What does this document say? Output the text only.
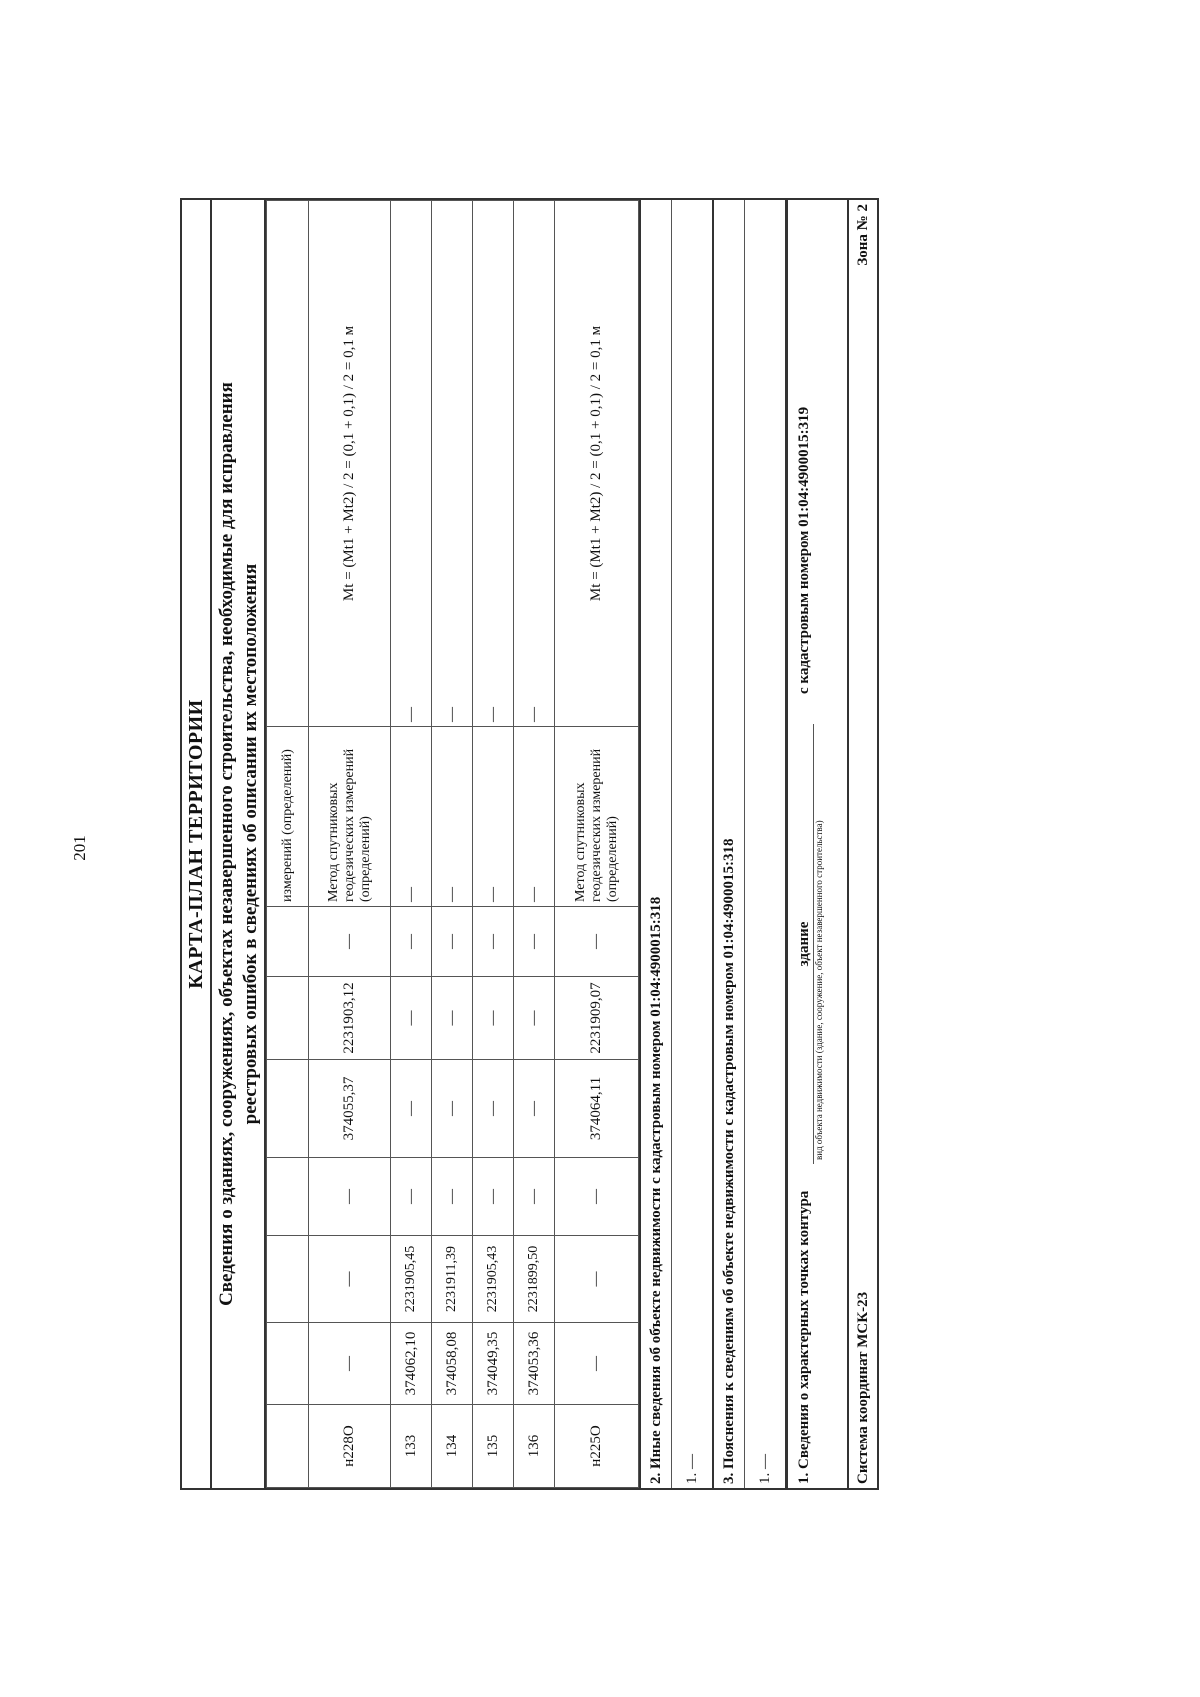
201	КАРТА-ПЛАН ТЕРРИТОРИИ Сведения о зданиях, сооружениях, объектах незавершенного строительства, необходимые для исправления реестровых ошибок в сведениях об описании их местоположения
							измерений (определений)	
н228О	—	—	—	374055,37	2231903,12	—	Метод спутниковых геодезических измерений (определений)	Mt = (Mt1 + Mt2) / 2 = (0,1 + 0,1) / 2 = 0,1 м
133	374062,10	2231905,45	—	—	—	—	—	—
134	374058,08	2231911,39	—	—	—	—	—	—
135	374049,35	2231905,43	—	—	—	—	—	—
136	374053,36	2231899,50	—	—	—	—	—	—
н225О	—	—	—	374064,11	2231909,07	—	Метод спутниковых геодезических измерений (определений)	Mt = (Mt1 + Mt2) / 2 = (0,1 + 0,1) / 2 = 0,1 м
2. Иные сведения об объекте недвижимости с кадастровым номером 01:04:4900015:318	1. —	3. Пояснения к сведениям об объекте недвижимости с кадастровым номером 01:04:4900015:318	1. —	1. Сведения о характерных точках контуразданиес кадастровым номером 01:04:4900015:319
вид объекта недвижимости (здание, сооружение, объект незавершенного строительства)
Система координат МСК-23
Зона № 2
